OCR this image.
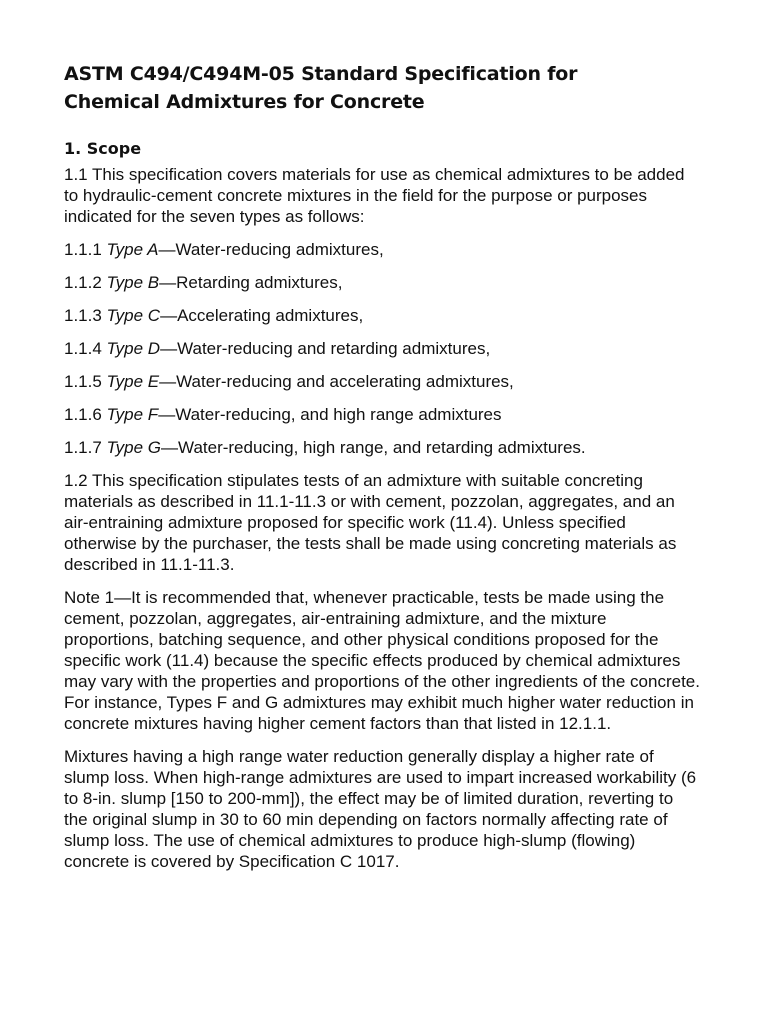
ASTM C494/C494M-05 Standard Specification for
Chemical Admixtures for Concrete
1. Scope

1.1 This specification covers materials for use as chemical admixtures to be added to hydraulic-cement concrete mixtures in the field for the purpose or purposes indicated for the seven types as follows:

1.1.1 Type A—Water-reducing admixtures,

1.1.2 Type B—Retarding admixtures,

1.1.3 Type C—Accelerating admixtures,

1.1.4 Type D—Water-reducing and retarding admixtures,

1.1.5 Type E—Water-reducing and accelerating admixtures,

1.1.6 Type F—Water-reducing, and high range admixtures

1.1.7 Type G—Water-reducing, high range, and retarding admixtures.

1.2 This specification stipulates tests of an admixture with suitable concreting materials as described in 11.1-11.3 or with cement, pozzolan, aggregates, and an air-entraining admixture proposed for specific work (11.4). Unless specified otherwise by the purchaser, the tests shall be made using concreting materials as described in 11.1-11.3.

Note 1—It is recommended that, whenever practicable, tests be made using the cement, pozzolan, aggregates, air-entraining admixture, and the mixture proportions, batching sequence, and other physical conditions proposed for the specific work (11.4) because the specific effects produced by chemical admixtures may vary with the properties and proportions of the other ingredients of the concrete. For instance, Types F and G admixtures may exhibit much higher water reduction in concrete mixtures having higher cement factors than that listed in 12.1.1.

Mixtures having a high range water reduction generally display a higher rate of slump loss. When high-range admixtures are used to impart increased workability (6 to 8-in. slump [150 to 200-mm]), the effect may be of limited duration, reverting to the original slump in 30 to 60 min depending on factors normally affecting rate of slump loss. The use of chemical admixtures to produce high-slump (flowing) concrete is covered by Specification C 1017.
